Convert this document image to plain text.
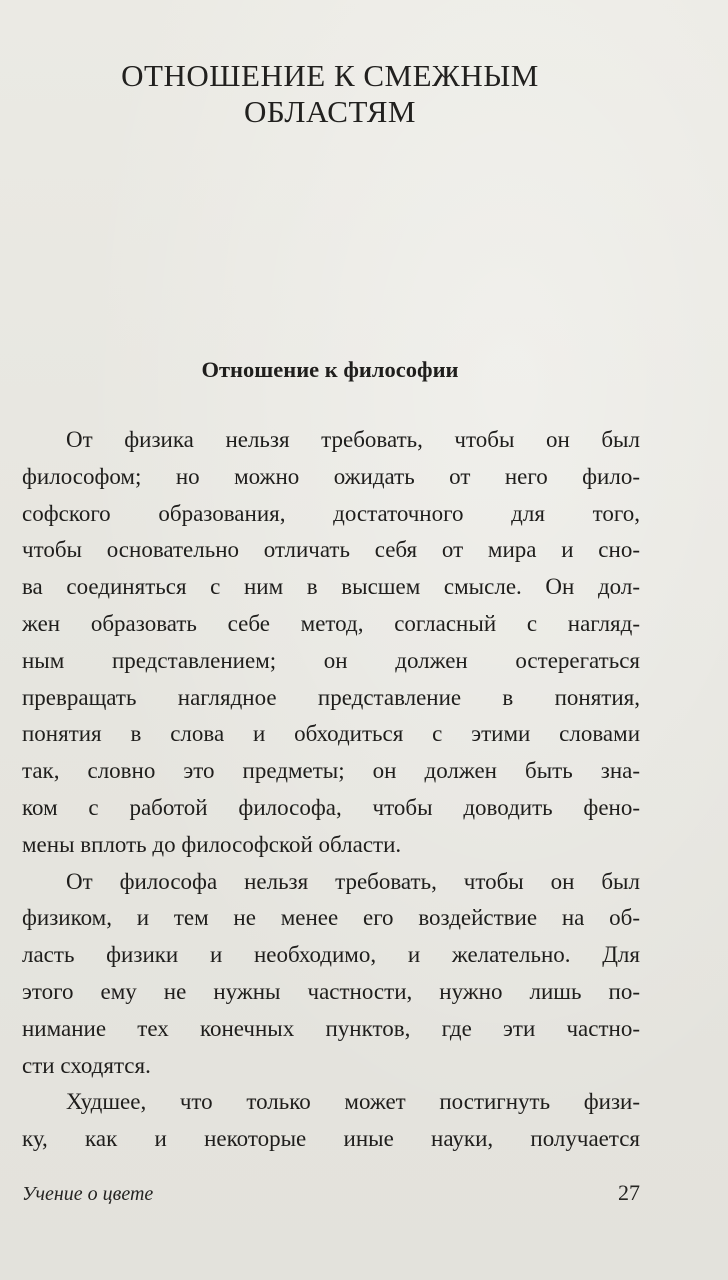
ОТНОШЕНИЕ К СМЕЖНЫМ
ОБЛАСТЯМ
Отношение к философии
От физика нельзя требовать, чтобы он был
философом; но можно ожидать от него фило-
софского образования, достаточного для того,
чтобы основательно отличать себя от мира и сно-
ва соединяться с ним в высшем смысле. Он дол-
жен образовать себе метод, согласный с нагляд-
ным представлением; он должен остерегаться
превращать наглядное представление в понятия,
понятия в слова и обходиться с этими словами
так, словно это предметы; он должен быть зна-
ком с работой философа, чтобы доводить фено-
мены вплоть до философской области.
От философа нельзя требовать, чтобы он был
физиком, и тем не менее его воздействие на об-
ласть физики и необходимо, и желательно. Для
этого ему не нужны частности, нужно лишь по-
нимание тех конечных пунктов, где эти частно-
сти сходятся.
Худшее, что только может постигнуть физи-
ку, как и некоторые иные науки, получается
Учение о цвете	27
